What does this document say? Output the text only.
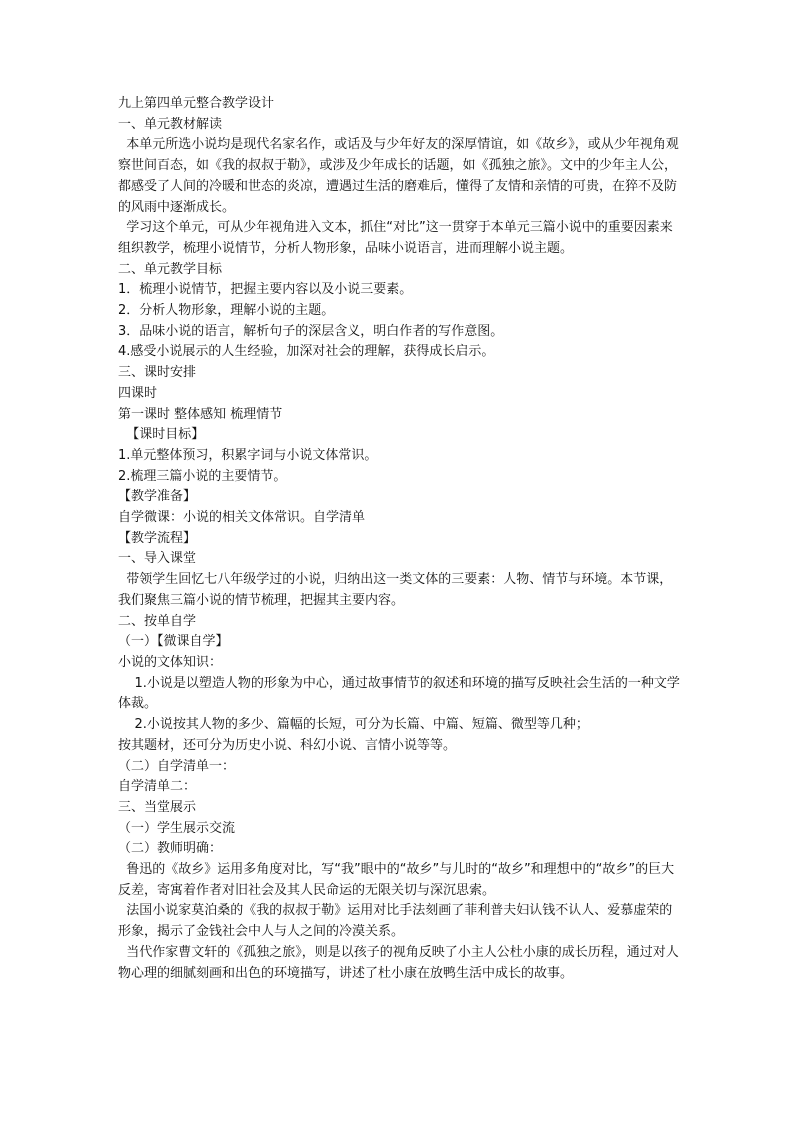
九上第四单元整合教学设计

一、单元教材解读

本单元所选小说均是现代名家名作，或话及与少年好友的深厚情谊，如《故乡》，或从少年视角观察世间百态，如《我的叔叔于勒》，或涉及少年成长的话题，如《孤独之旅》。文中的少年主人公，都感受了人间的冷暖和世态的炎凉，遭遇过生活的磨难后，懂得了友情和亲情的可贵，在猝不及防的风雨中逐渐成长。

学习这个单元，可从少年视角进入文本，抓住“对比”这一贯穿于本单元三篇小说中的重要因素来组织教学，梳理小说情节，分析人物形象，品味小说语言，进而理解小说主题。

二、单元教学目标

1．梳理小说情节，把握主要内容以及小说三要素。

2．分析人物形象，理解小说的主题。

3．品味小说的语言，解析句子的深层含义，明白作者的写作意图。

4.感受小说展示的人生经验，加深对社会的理解，获得成长启示。

三、课时安排

四课时

第一课时 整体感知 梳理情节

【课时目标】

1.单元整体预习，积累字词与小说文体常识。

2.梳理三篇小说的主要情节。

【教学准备】

自学微课：小说的相关文体常识。自学清单

【教学流程】

一、导入课堂

带领学生回忆七八年级学过的小说，归纳出这一类文体的三要素：人物、情节与环境。本节课，我们聚焦三篇小说的情节梳理，把握其主要内容。

二、按单自学

（一）【微课自学】

小说的文体知识：

1.小说是以塑造人物的形象为中心，通过故事情节的叙述和环境的描写反映社会生活的一种文学体裁。

2.小说按其人物的多少、篇幅的长短，可分为长篇、中篇、短篇、微型等几种；

按其题材，还可分为历史小说、科幻小说、言情小说等等。

（二）自学清单一：

自学清单二：

三、当堂展示

（一）学生展示交流

（二）教师明确：

鲁迅的《故乡》运用多角度对比，写“我”眼中的“故乡”与儿时的“故乡”和理想中的“故乡”的巨大反差，寄寓着作者对旧社会及其人民命运的无限关切与深沉思索。

法国小说家莫泊桑的《我的叔叔于勒》运用对比手法刻画了菲利普夫妇认钱不认人、爱慕虚荣的形象，揭示了金钱社会中人与人之间的冷漠关系。

当代作家曹文轩的《孤独之旅》，则是以孩子的视角反映了小主人公杜小康的成长历程，通过对人物心理的细腻刻画和出色的环境描写，讲述了杜小康在放鸭生活中成长的故事。
